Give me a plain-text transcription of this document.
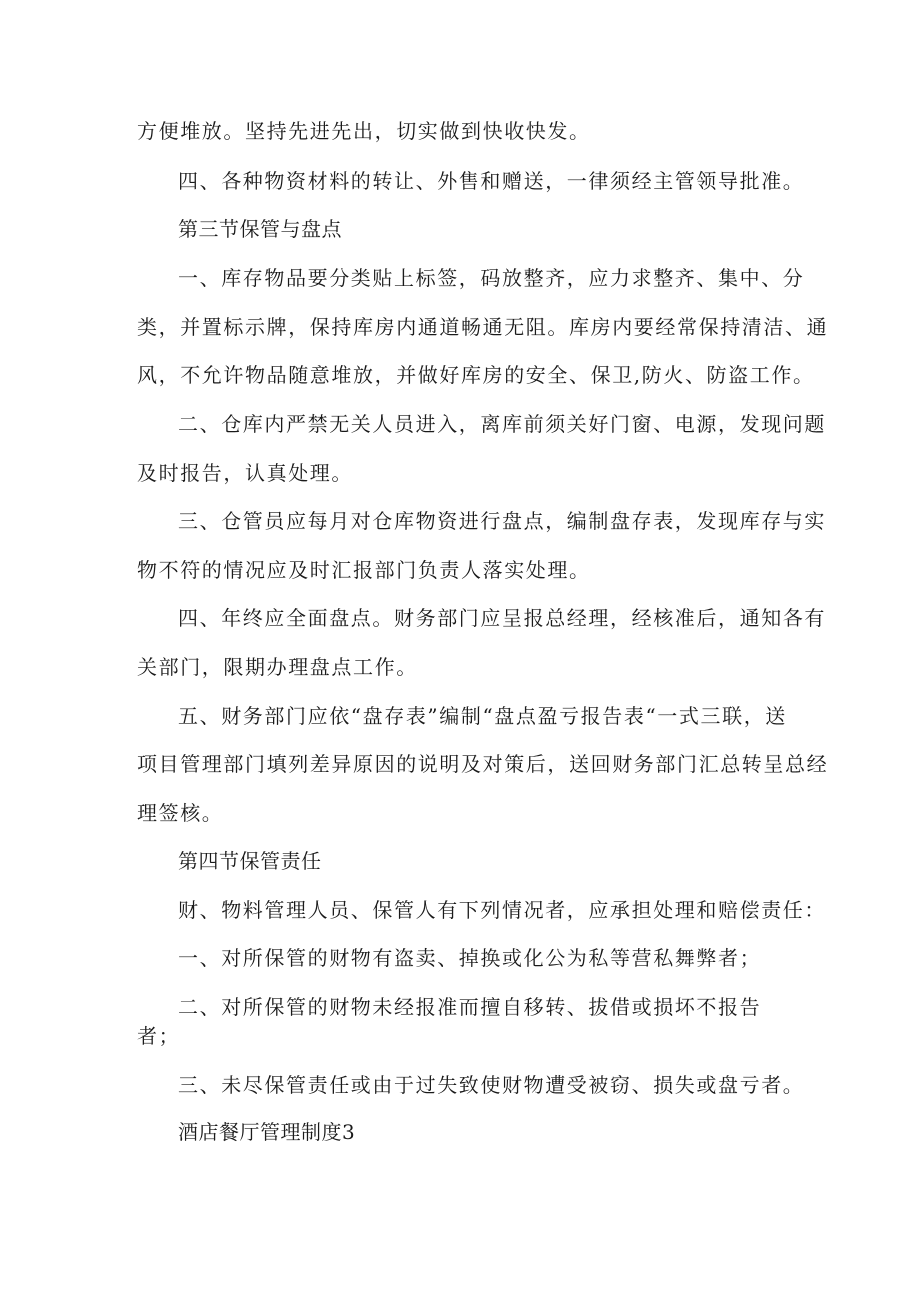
方便堆放。坚持先进先出，切实做到快收快发。
四、各种物资材料的转让、外售和赠送，一律须经主管领导批准。
第三节保管与盘点
一、库存物品要分类贴上标签，码放整齐，应力求整齐、集中、分
类，并置标示牌，保持库房内通道畅通无阻。库房内要经常保持清洁、通
风，不允许物品随意堆放，并做好库房的安全、保卫,防火、防盗工作。
二、仓库内严禁无关人员进入，离库前须关好门窗、电源，发现问题
及时报告，认真处理。
三、仓管员应每月对仓库物资进行盘点，编制盘存表，发现库存与实
物不符的情况应及时汇报部门负责人落实处理。
四、年终应全面盘点。财务部门应呈报总经理，经核准后，通知各有
关部门，限期办理盘点工作。
五、财务部门应依“盘存表”编制“盘点盈亏报告表“一式三联，送
项目管理部门填列差异原因的说明及对策后，送回财务部门汇总转呈总经
理签核。
第四节保管责任
财、物料管理人员、保管人有下列情况者，应承担处理和赔偿责任：
一、对所保管的财物有盗卖、掉换或化公为私等营私舞弊者；
二、对所保管的财物未经报准而擅自移转、拔借或损坏不报告
者；
三、未尽保管责任或由于过失致使财物遭受被窃、损失或盘亏者。
酒店餐厅管理制度3
